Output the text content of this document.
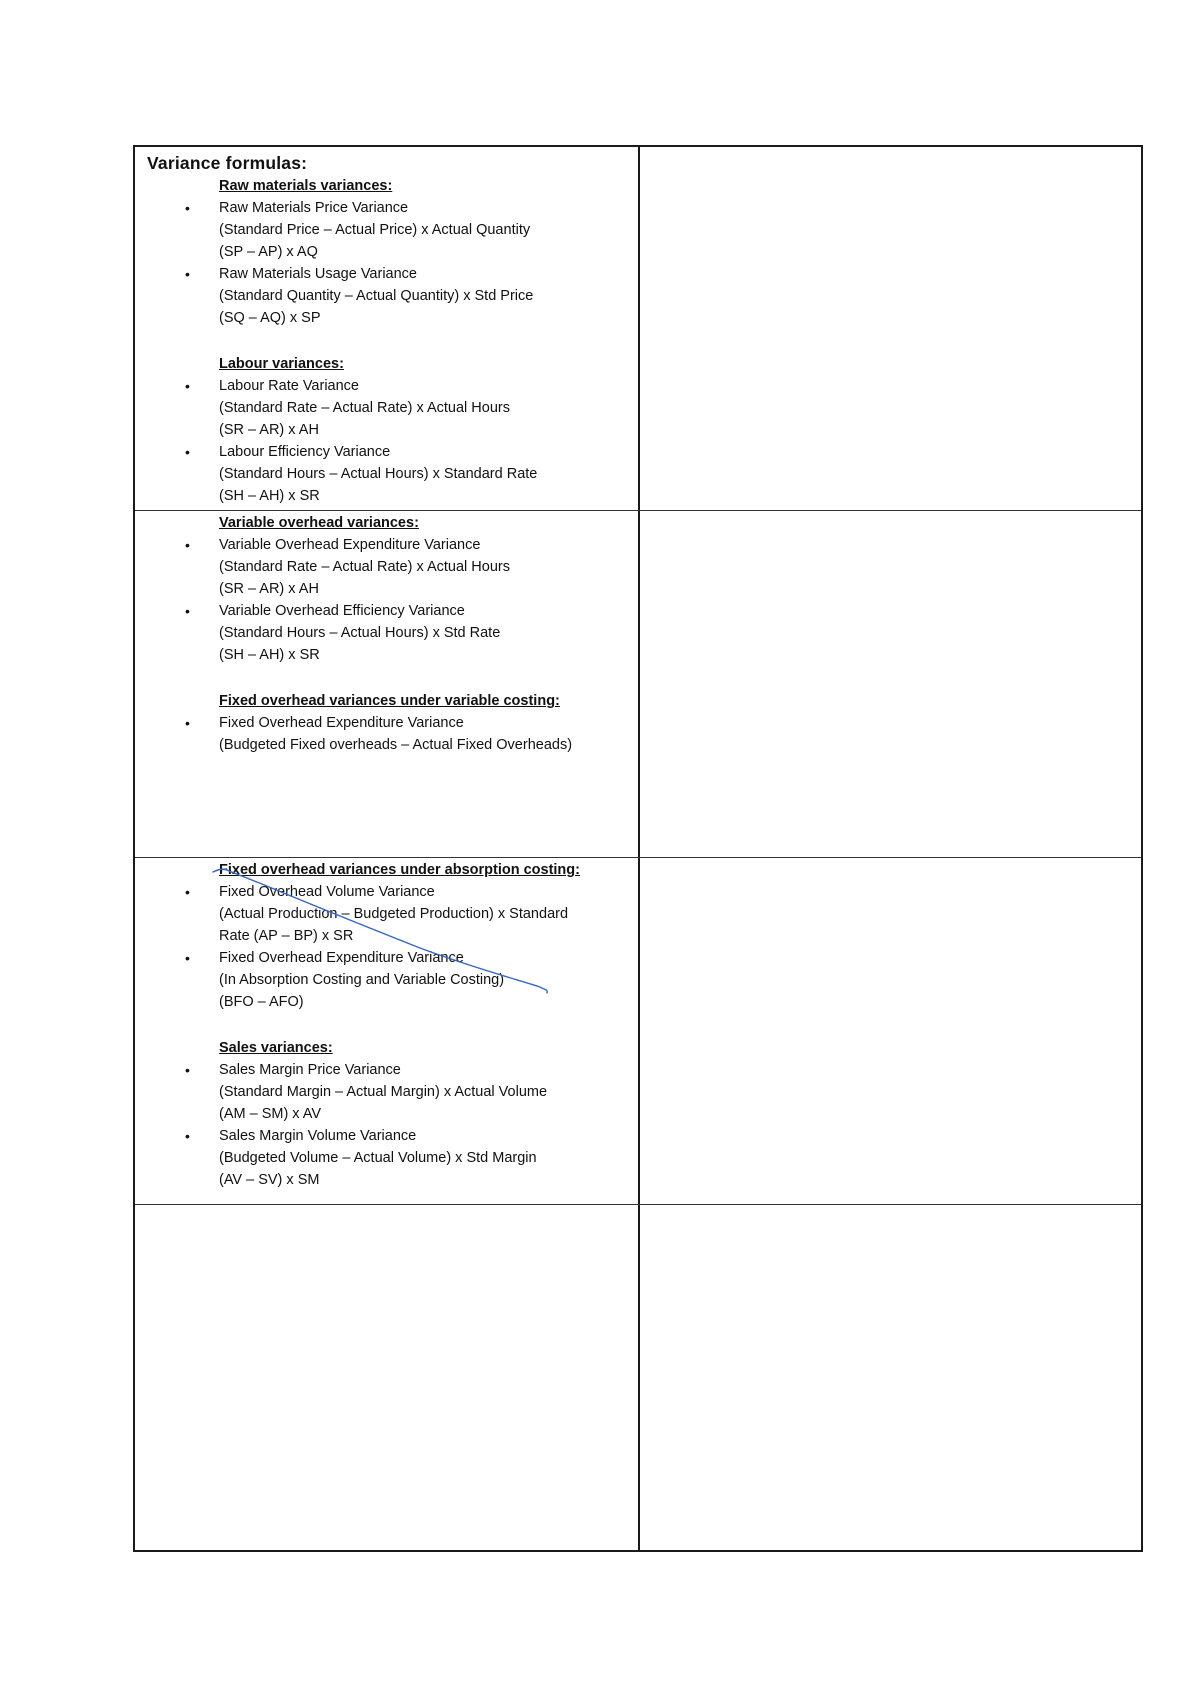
Variance formulas:
Raw materials variances:
•	Raw Materials Price Variance
(Standard Price – Actual Price) x Actual Quantity
(SP – AP) x AQ
•	Raw Materials Usage Variance
(Standard Quantity – Actual Quantity) x Std Price
(SQ – AQ) x SP
Labour variances:
•	Labour Rate Variance
(Standard Rate – Actual Rate) x Actual Hours
(SR – AR) x AH
•	Labour Efficiency Variance
(Standard Hours – Actual Hours) x Standard Rate
(SH – AH) x SR
Variable overhead variances:
•	Variable Overhead Expenditure Variance
(Standard Rate – Actual Rate) x Actual Hours
(SR – AR) x AH
•	Variable Overhead Efficiency Variance
(Standard Hours – Actual Hours) x Std Rate
(SH – AH) x SR
Fixed overhead variances under variable costing:
•	Fixed Overhead Expenditure Variance
(Budgeted Fixed overheads – Actual Fixed Overheads)
Fixed overhead variances under absorption costing:
•	Fixed Overhead Volume Variance
(Actual Production – Budgeted Production) x Standard
Rate (AP – BP) x SR
•	Fixed Overhead Expenditure Variance
(In Absorption Costing and Variable Costing)
(BFO – AFO)
Sales variances:
•	Sales Margin Price Variance
(Standard Margin – Actual Margin) x Actual Volume
(AM – SM) x AV
•	Sales Margin Volume Variance
(Budgeted Volume – Actual Volume) x Std Margin
(AV – SV) x SM
